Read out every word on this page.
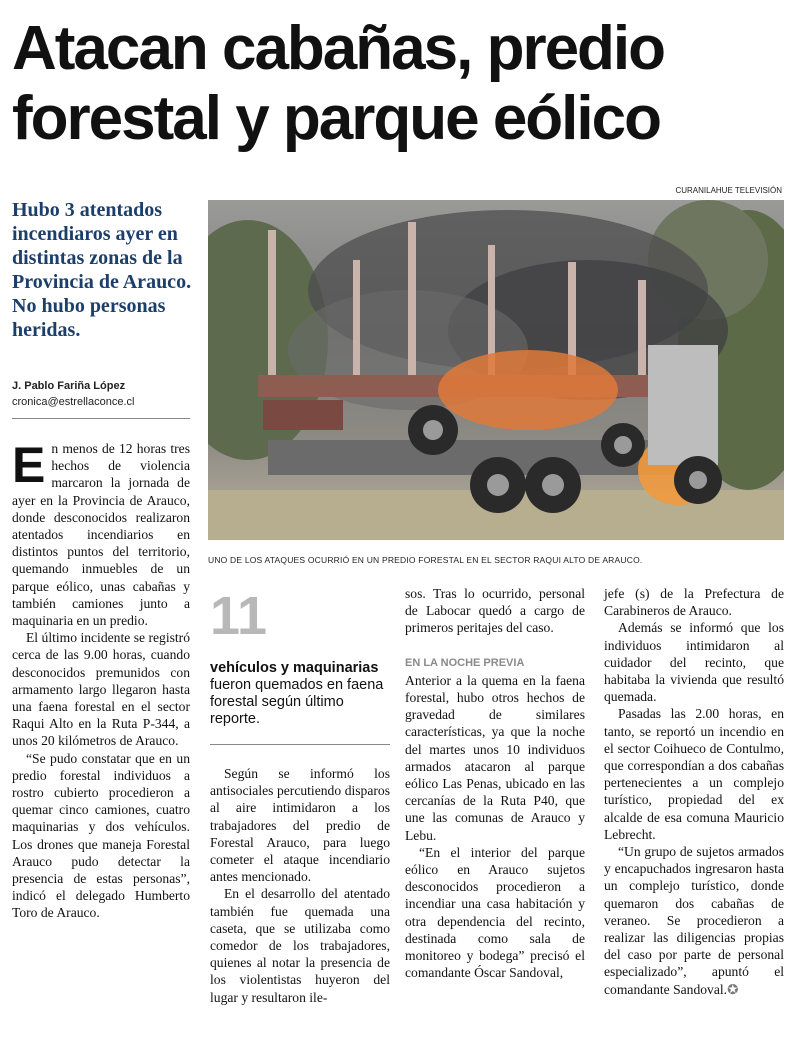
Atacan cabañas, predio
forestal y parque eólico
CURANILAHUE TELEVISIÓN
Hubo 3 atentados incendiaros ayer en distintas zonas de la Provincia de Arauco. No hubo personas heridas.
J. Pablo Fariña López
cronica@estrellaconce.cl
UNO DE LOS ATAQUES OCURRIÓ EN UN PREDIO FORESTAL EN EL SECTOR RAQUI ALTO DE ARAUCO.

En menos de 12 horas tres hechos de violencia marcaron la jornada de ayer en la Provincia de Arauco, donde desconocidos realizaron atentados incendiarios en distintos puntos del territorio, quemando inmuebles de un parque eólico, unas cabañas y también camiones junto a maquinaria en un predio.

El último incidente se registró cerca de las 9.00 horas, cuando desconocidos premunidos con armamento largo llegaron hasta una faena forestal en el sector Raqui Alto en la Ruta P-344, a unos 20 kilómetros de Arauco.

“Se pudo constatar que en un predio forestal individuos a rostro cubierto procedieron a quemar cinco camiones, cuatro maquinarias y dos vehículos. Los drones que maneja Forestal Arauco pudo detectar la presencia de estas personas”, indicó el delegado Humberto Toro de Arauco.

11
vehículos y maquinarias fueron quemados en faena forestal según último reporte.

Según se informó los antisociales percutiendo disparos al aire intimidaron a los trabajadores del predio de Forestal Arauco, para luego cometer el ataque incendiario antes mencionado.

En el desarrollo del atentado también fue quemada una caseta, que se utilizaba como comedor de los trabajadores, quienes al notar la presencia de los violentistas huyeron del lugar y resultaron ile-

sos. Tras lo ocurrido, personal de Labocar quedó a cargo de primeros peritajes del caso.

EN LA NOCHE PREVIA

Anterior a la quema en la faena forestal, hubo otros hechos de gravedad de similares características, ya que la noche del martes unos 10 individuos armados atacaron al parque eólico Las Penas, ubicado en las cercanías de la Ruta P40, que une las comunas de Arauco y Lebu.

“En el interior del parque eólico en Arauco sujetos desconocidos procedieron a incendiar una casa habitación y otra dependencia del recinto, destinada como sala de monitoreo y bodega” precisó el comandante Óscar Sandoval,

jefe (s) de la Prefectura de Carabineros de Arauco.

Además se informó que los individuos intimidaron al cuidador del recinto, que habitaba la vivienda que resultó quemada.

Pasadas las 2.00 horas, en tanto, se reportó un incendio en el sector Coihueco de Contulmo, que correspondían a dos cabañas pertenecientes a un complejo turístico, propiedad del ex alcalde de esa comuna Mauricio Lebrecht.

“Un grupo de sujetos armados y encapuchados ingresaron hasta un complejo turístico, donde quemaron dos cabañas de veraneo. Se procedieron a realizar las diligencias propias del caso por parte de personal especializado”, apuntó el comandante Sandoval.✪
